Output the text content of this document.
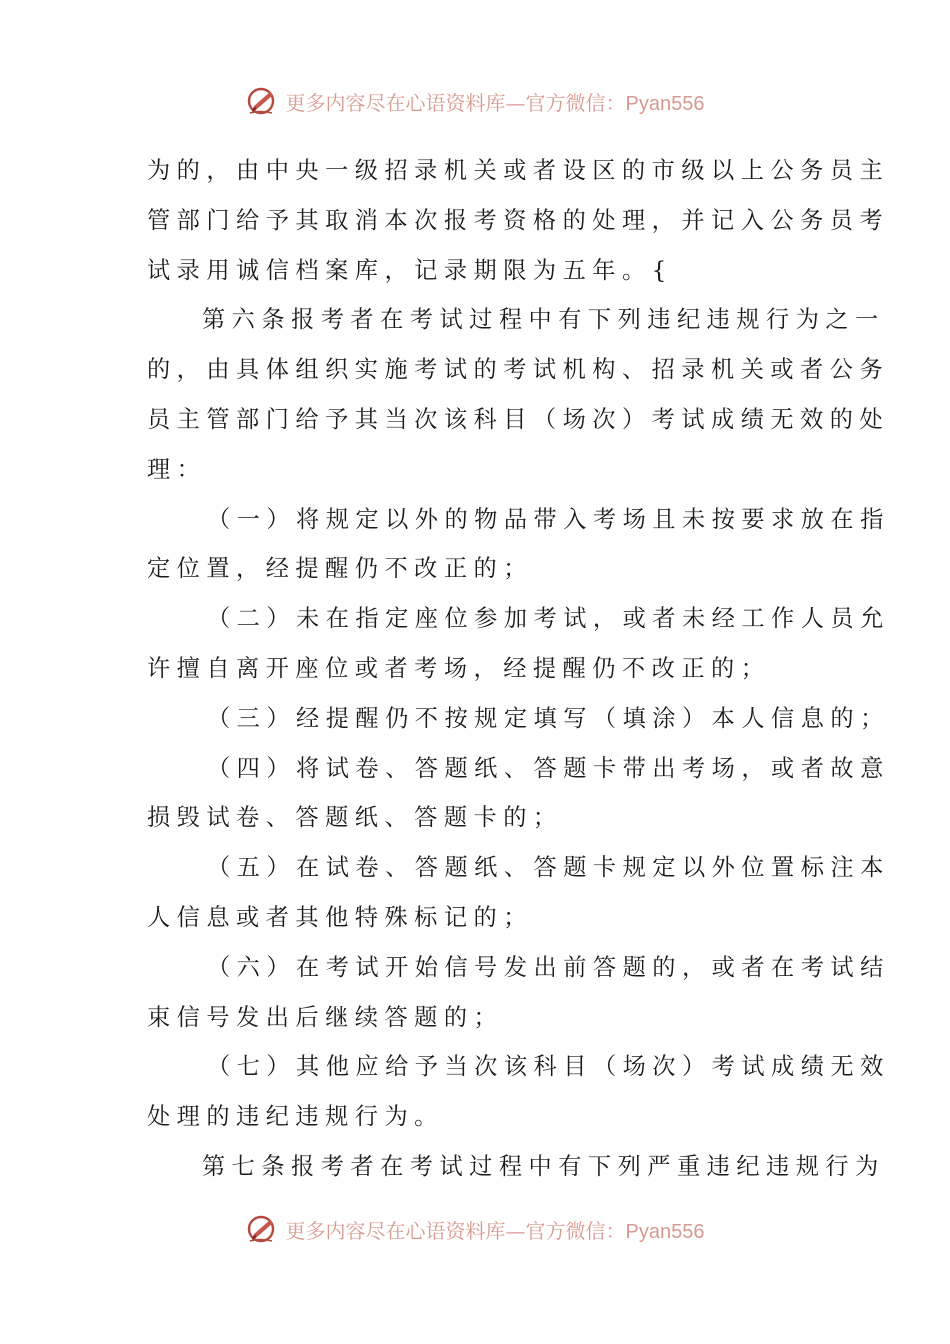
更多内容尽在心语资料库—官方微信：Pyan556

为的，由中央一级招录机关或者设区的市级以上公务员主

管部门给予其取消本次报考资格的处理，并记入公务员考

试录用诚信档案库，记录期限为五年。{

第六条报考者在考试过程中有下列违纪违规行为之一

的，由具体组织实施考试的考试机构、招录机关或者公务

员主管部门给予其当次该科目（场次）考试成绩无效的处

理：

（一）将规定以外的物品带入考场且未按要求放在指

定位置，经提醒仍不改正的；

（二）未在指定座位参加考试，或者未经工作人员允

许擅自离开座位或者考场，经提醒仍不改正的；

（三）经提醒仍不按规定填写（填涂）本人信息的；

（四）将试卷、答题纸、答题卡带出考场，或者故意

损毁试卷、答题纸、答题卡的；

（五）在试卷、答题纸、答题卡规定以外位置标注本

人信息或者其他特殊标记的；

（六）在考试开始信号发出前答题的，或者在考试结

束信号发出后继续答题的；

（七）其他应给予当次该科目（场次）考试成绩无效

处理的违纪违规行为。

第七条报考者在考试过程中有下列严重违纪违规行为

更多内容尽在心语资料库—官方微信：Pyan556
